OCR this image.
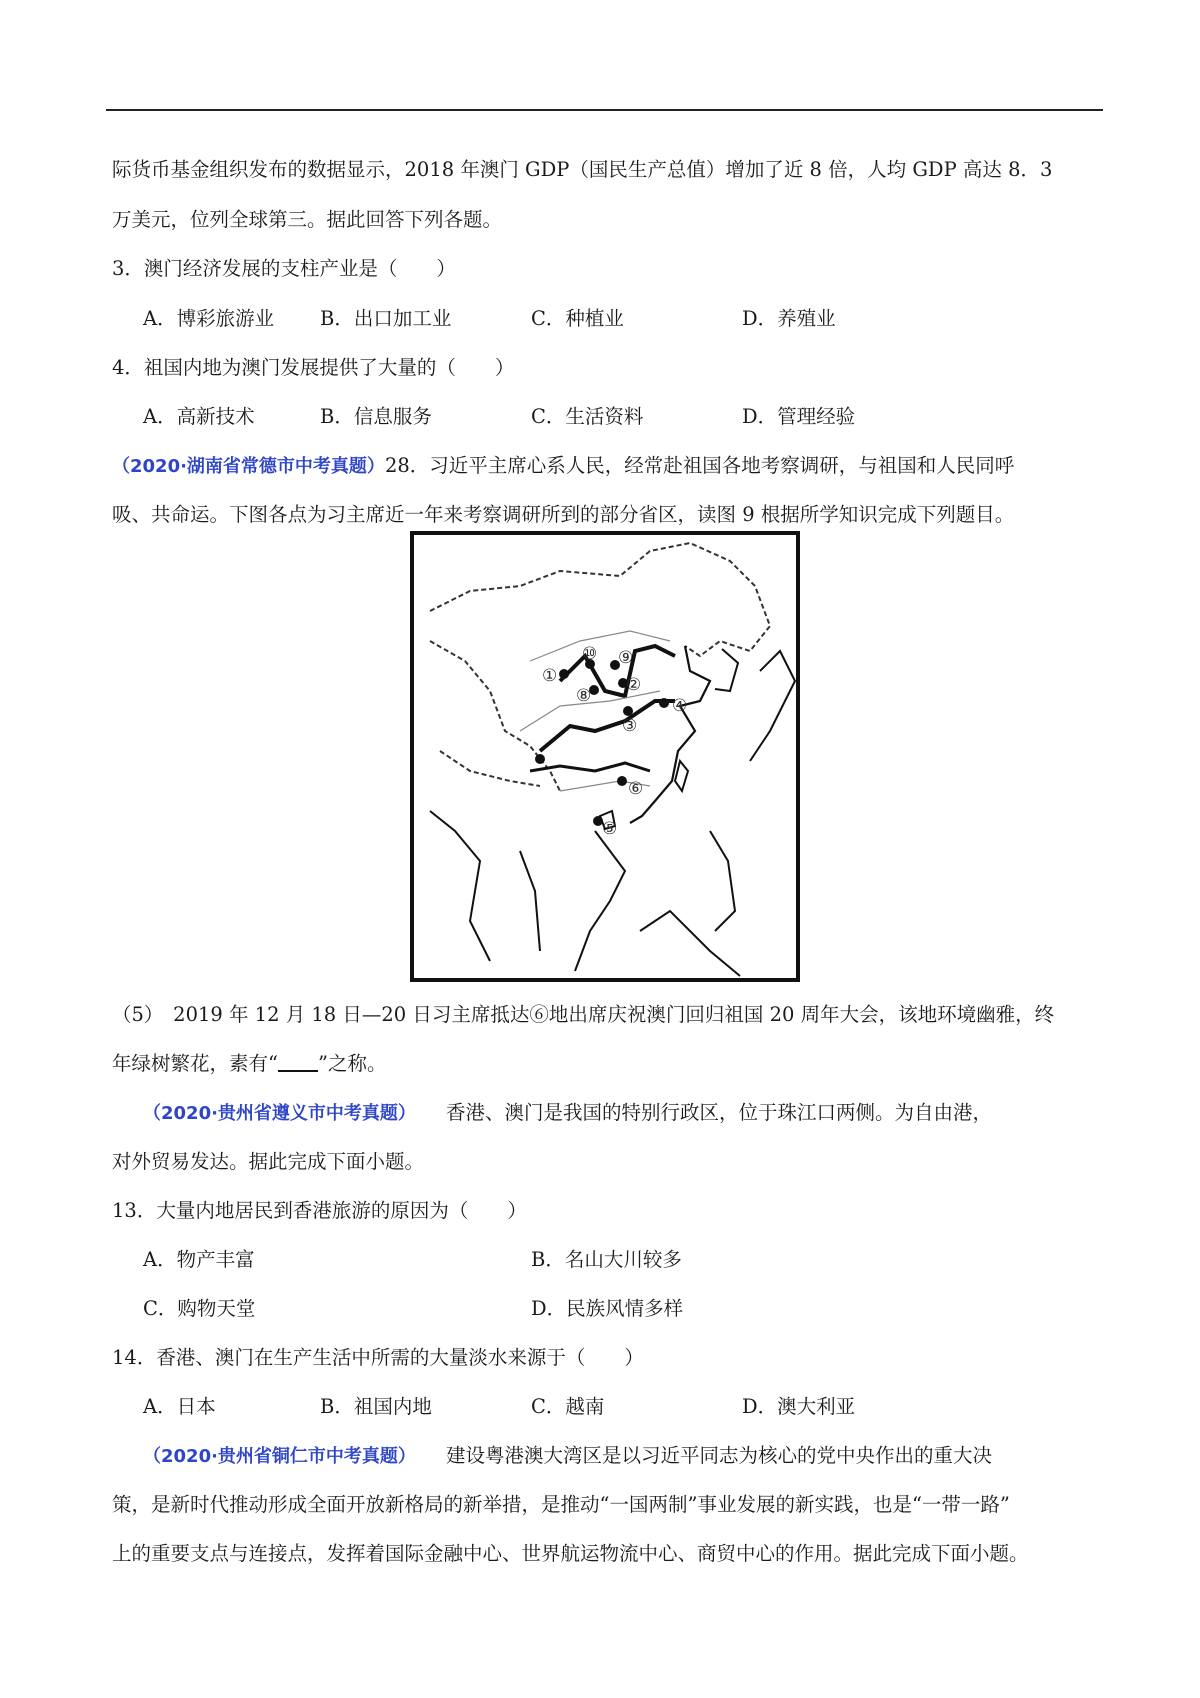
际货币基金组织发布的数据显示，2018 年澳门 GDP（国民生产总值）增加了近 8 倍，人均 GDP 高达 8．3
万美元，位列全球第三。据此回答下列各题。
3．澳门经济发展的支柱产业是（　　）
A．博彩旅游业 B．出口加工业	C．种植业	D．养殖业
4．祖国内地为澳门发展提供了大量的（　　）
A．高新技术	B．信息服务	C．生活资料	D．管理经验
（2020·湖南省常德市中考真题）28．习近平主席心系人民，经常赴祖国各地考察调研，与祖国和人民同呼
吸、共命运。下图各点为习主席近一年来考察调研所到的部分省区，读图 9 根据所学知识完成下列题目。
①	②
③
④
⑤
⑥
⑧
⑨
⑩
（5）　2019 年 12 月 18 日—20 日习主席抵达⑥地出席庆祝澳门回归祖国 20 周年大会，该地环境幽雅，终
年绿树繁花，素有“ ”之称。
（2020·贵州省遵义市中考真题） 香港、澳门是我国的特别行政区，位于珠江口两侧。为自由港，
对外贸易发达。据此完成下面小题。
13．大量内地居民到香港旅游的原因为（　　）
A．物产丰富	B．名山大川较多
C．购物天堂	D．民族风情多样
14．香港、澳门在生产生活中所需的大量淡水来源于（　　）
A．日本	B．祖国内地	C．越南	D．澳大利亚
（2020·贵州省铜仁市中考真题） 建设粤港澳大湾区是以习近平同志为核心的党中央作出的重大决
策，是新时代推动形成全面开放新格局的新举措，是推动“一国两制”事业发展的新实践，也是“一带一路”
上的重要支点与连接点，发挥着国际金融中心、世界航运物流中心、商贸中心的作用。据此完成下面小题。
